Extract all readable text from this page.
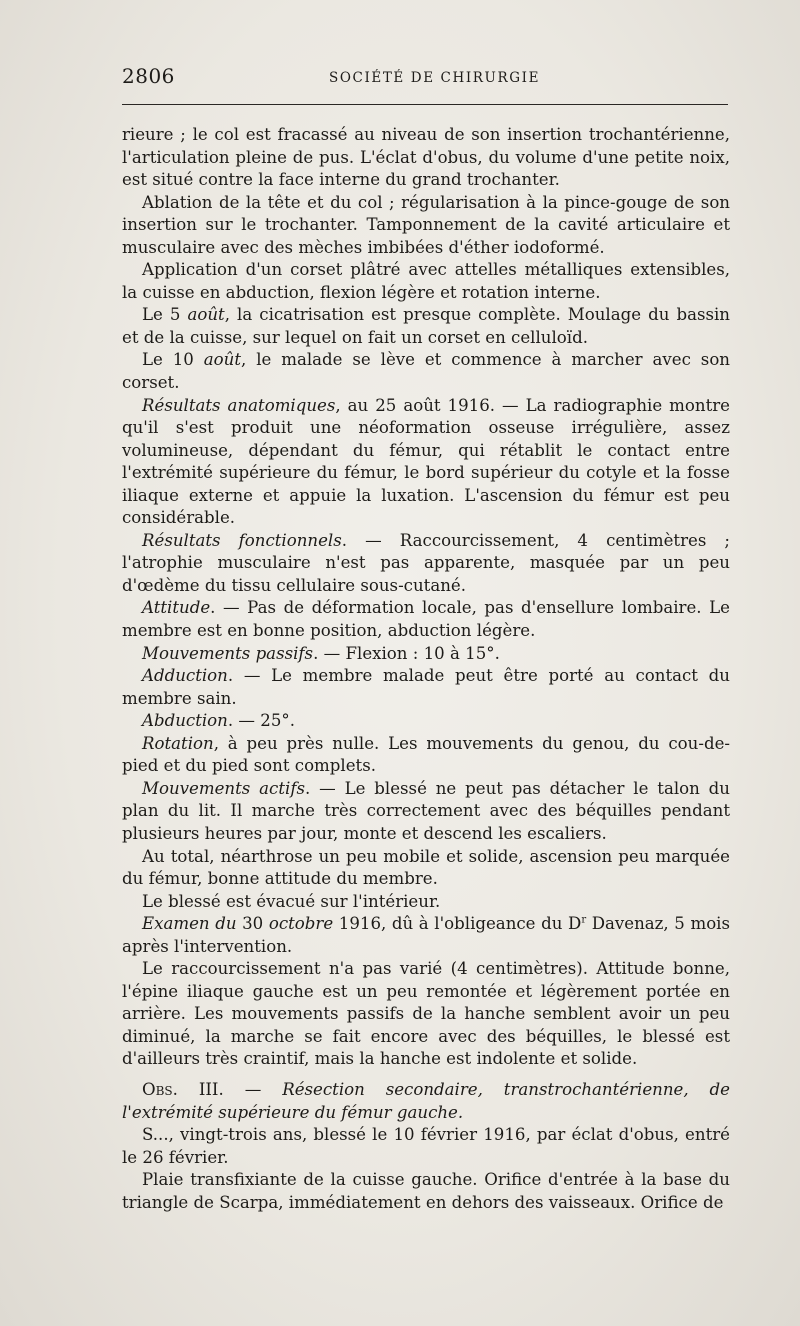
2806	SOCIÉTÉ DE CHIRURGIE

rieure ; le col est fracassé au niveau de son insertion trochantérienne, l'articulation pleine de pus. L'éclat d'obus, du volume d'une petite noix, est situé contre la face interne du grand trochanter.

Ablation de la tête et du col ; régularisation à la pince-gouge de son insertion sur le trochanter. Tamponnement de la cavité articulaire et musculaire avec des mèches imbibées d'éther iodoformé.

Application d'un corset plâtré avec attelles métalliques extensibles, la cuisse en abduction, flexion légère et rotation interne.

Le 5 août, la cicatrisation est presque complète. Moulage du bassin et de la cuisse, sur lequel on fait un corset en celluloïd.

Le 10 août, le malade se lève et commence à marcher avec son corset.

Résultats anatomiques, au 25 août 1916. — La radiographie montre qu'il s'est produit une néoformation osseuse irrégulière, assez volumineuse, dépendant du fémur, qui rétablit le contact entre l'extrémité supérieure du fémur, le bord supérieur du cotyle et la fosse iliaque externe et appuie la luxation. L'ascension du fémur est peu considérable.

Résultats fonctionnels. — Raccourcissement, 4 centimètres ; l'atrophie musculaire n'est pas apparente, masquée par un peu d'œdème du tissu cellulaire sous-cutané.

Attitude. — Pas de déformation locale, pas d'ensellure lombaire. Le membre est en bonne position, abduction légère.

Mouvements passifs. — Flexion : 10 à 15°.

Adduction. — Le membre malade peut être porté au contact du membre sain.

Abduction. — 25°.

Rotation, à peu près nulle. Les mouvements du genou, du cou-de-pied et du pied sont complets.

Mouvements actifs. — Le blessé ne peut pas détacher le talon du plan du lit. Il marche très correctement avec des béquilles pendant plusieurs heures par jour, monte et descend les escaliers.

Au total, néarthrose un peu mobile et solide, ascension peu marquée du fémur, bonne attitude du membre.

Le blessé est évacué sur l'intérieur.

Examen du 30 octobre 1916, dû à l'obligeance du $D^r$ Davenaz, 5 mois après l'intervention.

Le raccourcissement n'a pas varié (4 centimètres). Attitude bonne, l'épine iliaque gauche est un peu remontée et légèrement portée en arrière. Les mouvements passifs de la hanche semblent avoir un peu diminué, la marche se fait encore avec des béquilles, le blessé est d'ailleurs très craintif, mais la hanche est indolente et solide.

Obs. III. — Résection secondaire, transtrochantérienne, de l'extrémité supérieure du fémur gauche.

S..., vingt-trois ans, blessé le 10 février 1916, par éclat d'obus, entré le 26 février.

Plaie transfixiante de la cuisse gauche. Orifice d'entrée à la base du triangle de Scarpa, immédiatement en dehors des vaisseaux. Orifice de
